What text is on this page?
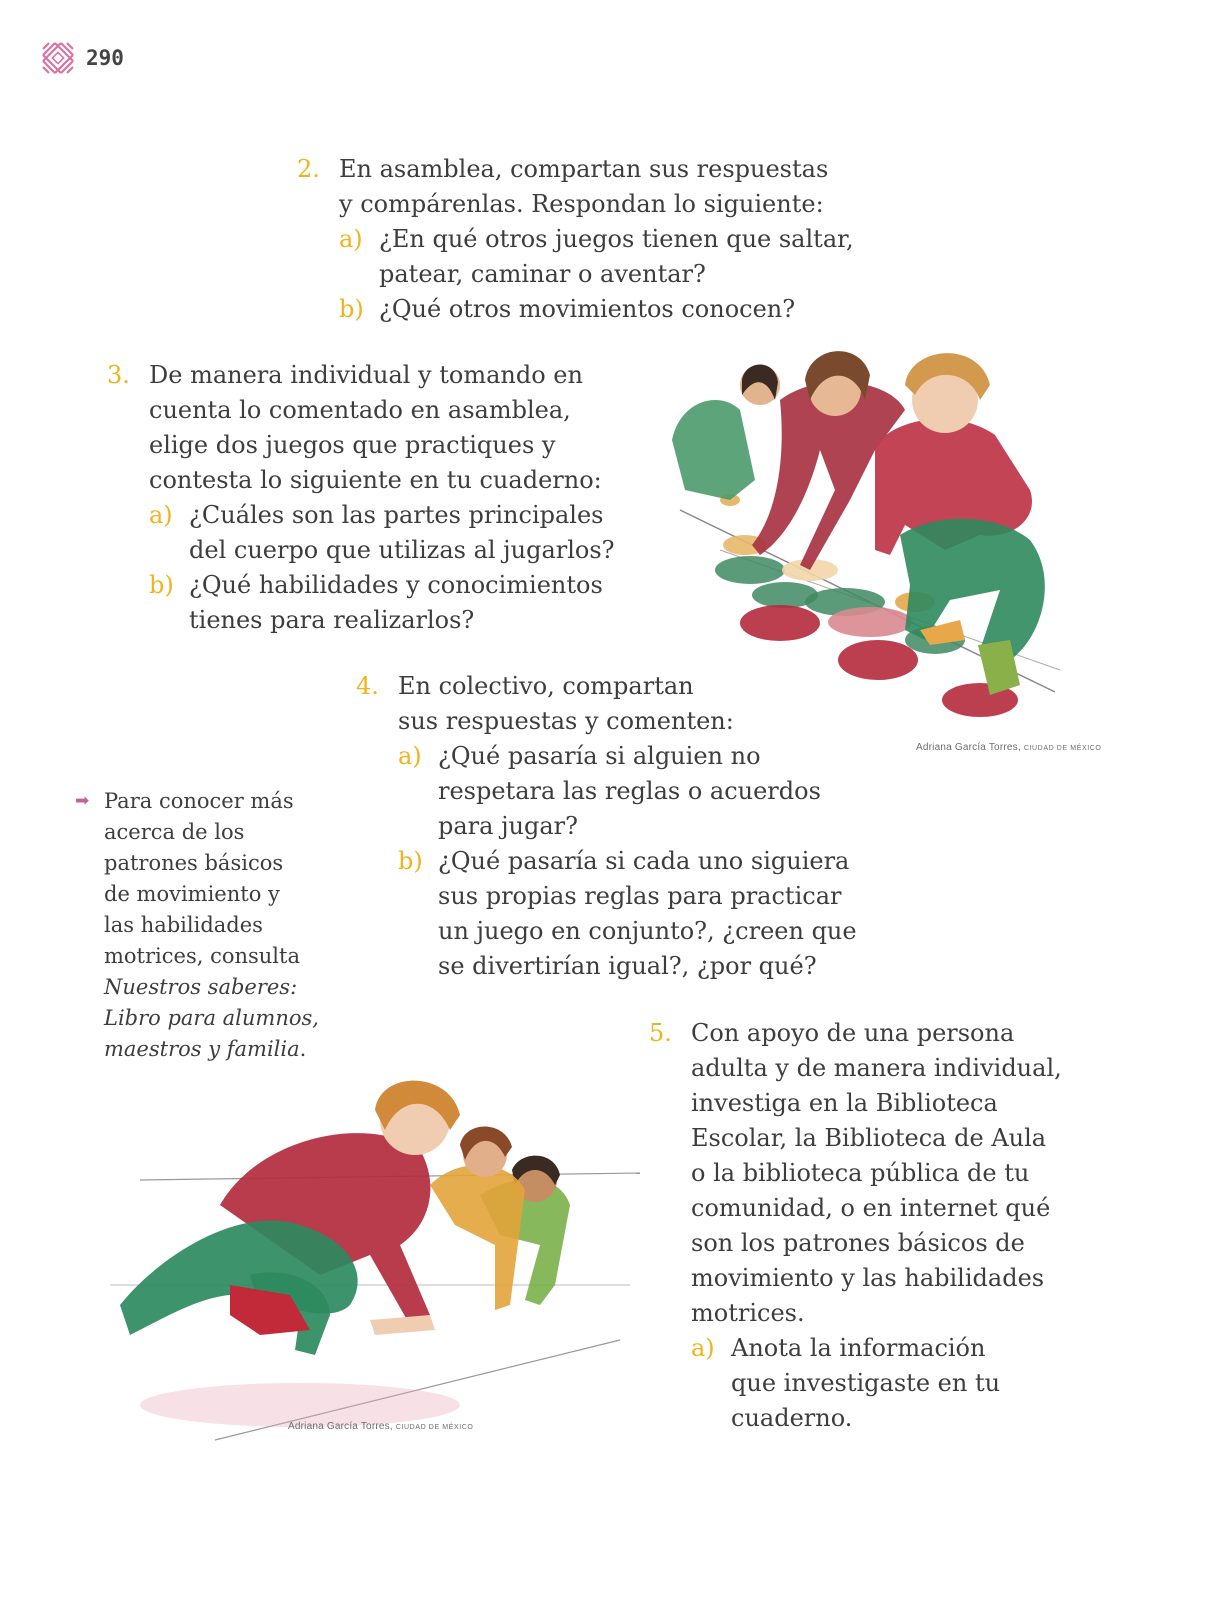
290
2. En asamblea, compartan sus respuestas
y compárenlas. Respondan lo siguiente:
a) ¿En qué otros juegos tienen que saltar,
patear, caminar o aventar?
b) ¿Qué otros movimientos conocen?
3. De manera individual y tomando en
cuenta lo comentado en asamblea,
elige dos juegos que practiques y
contesta lo siguiente en tu cuaderno:
a) ¿Cuáles son las partes principales
del cuerpo que utilizas al jugarlos?
b) ¿Qué habilidades y conocimientos
tienes para realizarlos?
Adriana García Torres, CIUDAD DE MÉXICO
4. En colectivo, compartan
sus respuestas y comenten:
a) ¿Qué pasaría si alguien no
respetara las reglas o acuerdos
para jugar?
b) ¿Qué pasaría si cada uno siguiera
sus propias reglas para practicar
un juego en conjunto?, ¿creen que
se divertirían igual?, ¿por qué?
➡ Para conocer más
acerca de los
patrones básicos
de movimiento y
las habilidades
motrices, consulta
Nuestros saberes:
Libro para alumnos,
maestros y familia.
Adriana García Torres, CIUDAD DE MÉXICO
5. Con apoyo de una persona
adulta y de manera individual,
investiga en la Biblioteca
Escolar, la Biblioteca de Aula
o la biblioteca pública de tu
comunidad, o en internet qué
son los patrones básicos de
movimiento y las habilidades
motrices.
a) Anota la información
que investigaste en tu
cuaderno.
